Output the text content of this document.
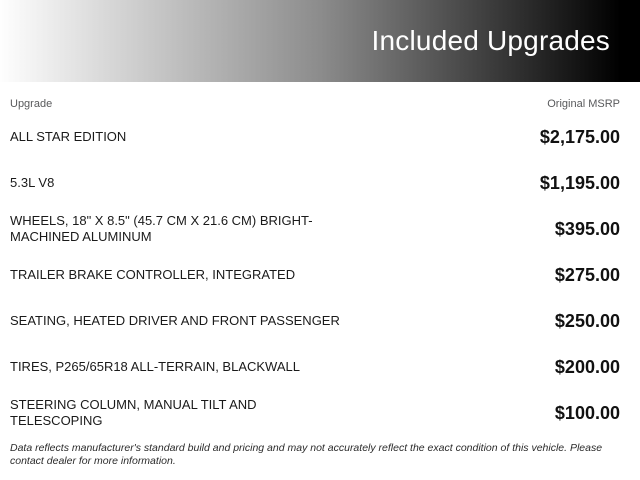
Included Upgrades
Upgrade	Original MSRP
ALL STAR EDITION	$2,175.00
5.3L V8	$1,195.00
WHEELS, 18" X 8.5" (45.7 CM X 21.6 CM) BRIGHT-MACHINED ALUMINUM	$395.00
TRAILER BRAKE CONTROLLER, INTEGRATED	$275.00
SEATING, HEATED DRIVER AND FRONT PASSENGER	$250.00
TIRES, P265/65R18 ALL-TERRAIN, BLACKWALL	$200.00
STEERING COLUMN, MANUAL TILT AND TELESCOPING	$100.00
Data reflects manufacturer's standard build and pricing and may not accurately reflect the exact condition of this vehicle. Please contact dealer for more information.
